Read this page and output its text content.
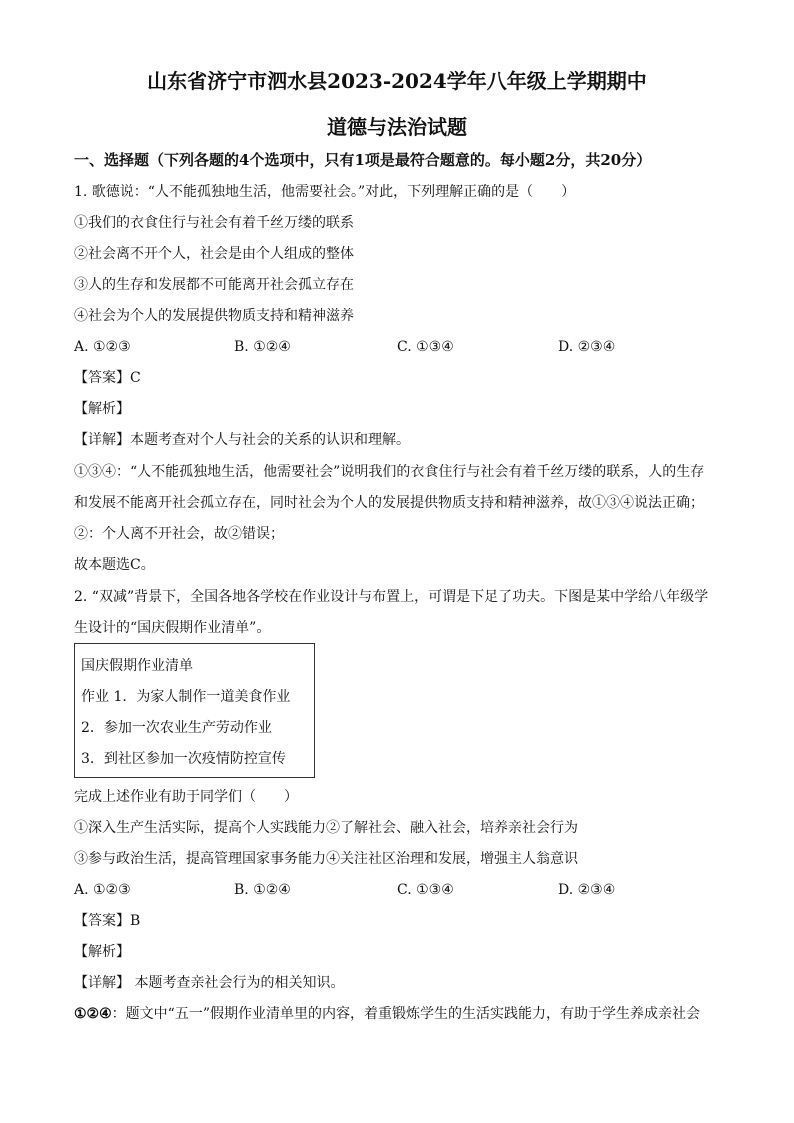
山东省济宁市泗水县2023-2024学年八年级上学期期中
道德与法治试题
一、选择题（下列各题的4个选项中，只有1项是最符合题意的。每小题2分，共20分）
1. 歌德说：“人不能孤独地生活，他需要社会。”对此，下列理解正确的是（　　）
①我们的衣食住行与社会有着千丝万缕的联系
②社会离不开个人，社会是由个人组成的整体
③人的生存和发展都不可能离开社会孤立存在
④社会为个人的发展提供物质支持和精神滋养
A. ①②③	B. ①②④	C. ①③④	D. ②③④
【答案】C
【解析】
【详解】本题考查对个人与社会的关系的认识和理解。
①③④：“人不能孤独地生活，他需要社会”说明我们的衣食住行与社会有着千丝万缕的联系，人的生存
和发展不能离开社会孤立存在，同时社会为个人的发展提供物质支持和精神滋养，故①③④说法正确；
②：个人离不开社会，故②错误；
故本题选C。
2. “双减”背景下，全国各地各学校在作业设计与布置上，可谓是下足了功夫。下图是某中学给八年级学
生设计的“国庆假期作业清单”。
国庆假期作业清单
作业 1．为家人制作一道美食作业
2．参加一次农业生产劳动作业
3．到社区参加一次疫情防控宣传
完成上述作业有助于同学们（　　）
①深入生产生活实际，提高个人实践能力②了解社会、融入社会，培养亲社会行为
③参与政治生活，提高管理国家事务能力④关注社区治理和发展，增强主人翁意识
A. ①②③	B. ①②④	C. ①③④	D. ②③④
【答案】B
【解析】
【详解】 本题考查亲社会行为的相关知识。
①②④：题文中“五一”假期作业清单里的内容，着重锻炼学生的生活实践能力，有助于学生养成亲社会
